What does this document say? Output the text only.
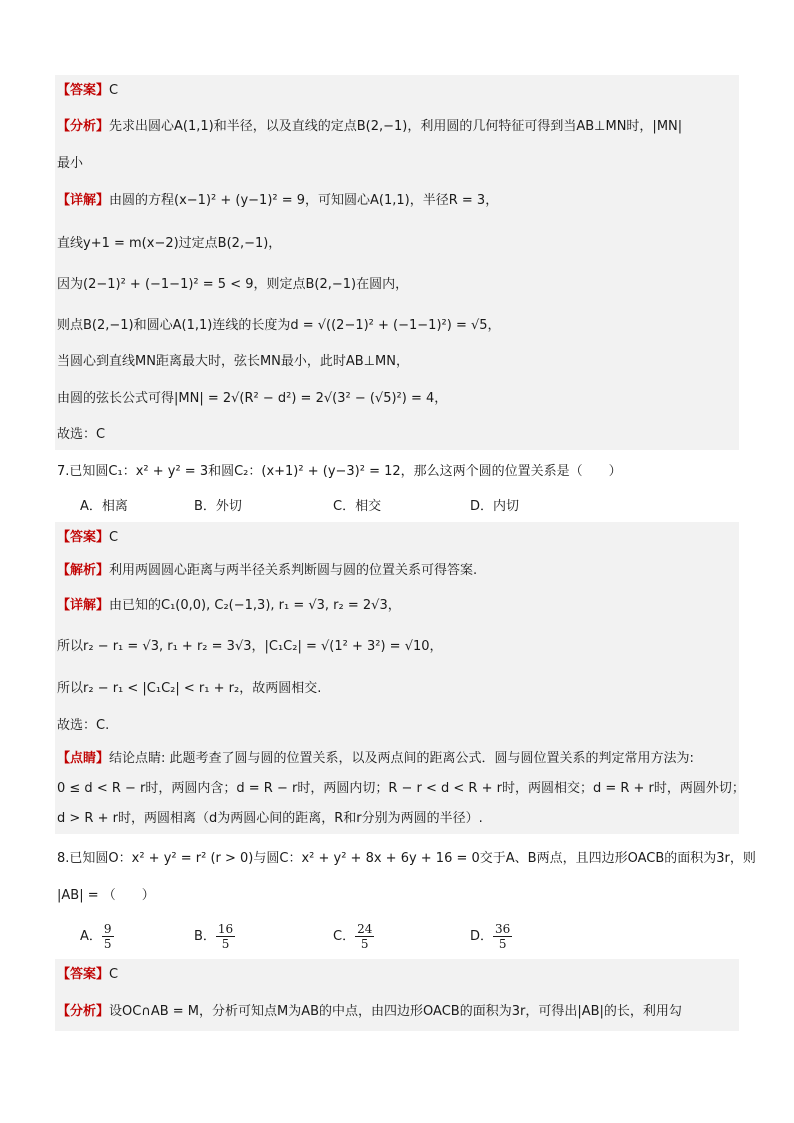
【答案】C
【分析】先求出圆心A(1,1)和半径，以及直线的定点B(2,−1)，利用圆的几何特征可得到当AB⊥MN时，|MN|
最小
【详解】由圆的方程(x−1)² + (y−1)² = 9，可知圆心A(1,1)，半径R = 3，
直线y+1 = m(x−2)过定点B(2,−1)，
因为(2−1)² + (−1−1)² = 5 < 9，则定点B(2,−1)在圆内，
则点B(2,−1)和圆心A(1,1)连线的长度为d = √((2−1)² + (−1−1)²) = √5，
当圆心到直线MN距离最大时，弦长MN最小，此时AB⊥MN，
由圆的弦长公式可得|MN| = 2√(R² − d²) = 2√(3² − (√5)²) = 4，
故选：C
7.已知圆C₁：x² + y² = 3和圆C₂：(x+1)² + (y−3)² = 12，那么这两个圆的位置关系是（　　）
A．相离	B．外切	C．相交	D．内切
【答案】C
【解析】利用两圆圆心距离与两半径关系判断圆与圆的位置关系可得答案.
【详解】由已知的C₁(0,0), C₂(−1,3), r₁ = √3, r₂ = 2√3，
所以r₂ − r₁ = √3, r₁ + r₂ = 3√3，|C₁C₂| = √(1² + 3²) = √10，
所以r₂ − r₁ < |C₁C₂| < r₁ + r₂，故两圆相交.
故选：C.
【点睛】结论点睛: 此题考查了圆与圆的位置关系，以及两点间的距离公式．圆与圆位置关系的判定常用方法为:
0 ≤ d < R − r时，两圆内含；d = R − r时，两圆内切；R − r < d < R + r时，两圆相交；d = R + r时，两圆外切；
d > R + r时，两圆相离（d为两圆心间的距离，R和r分别为两圆的半径）.
8.已知圆O：x² + y² = r² (r > 0)与圆C：x² + y² + 8x + 6y + 16 = 0交于A、B两点，且四边形OACB的面积为3r，则
|AB| = （　　）
A． $\frac{9}{5}$	B． $\frac{16}{5}$	C． $\frac{24}{5}$	D． $\frac{36}{5}$
【答案】C
【分析】设OC∩AB = M，分析可知点M为AB的中点，由四边形OACB的面积为3r，可得出|AB|的长，利用勾
